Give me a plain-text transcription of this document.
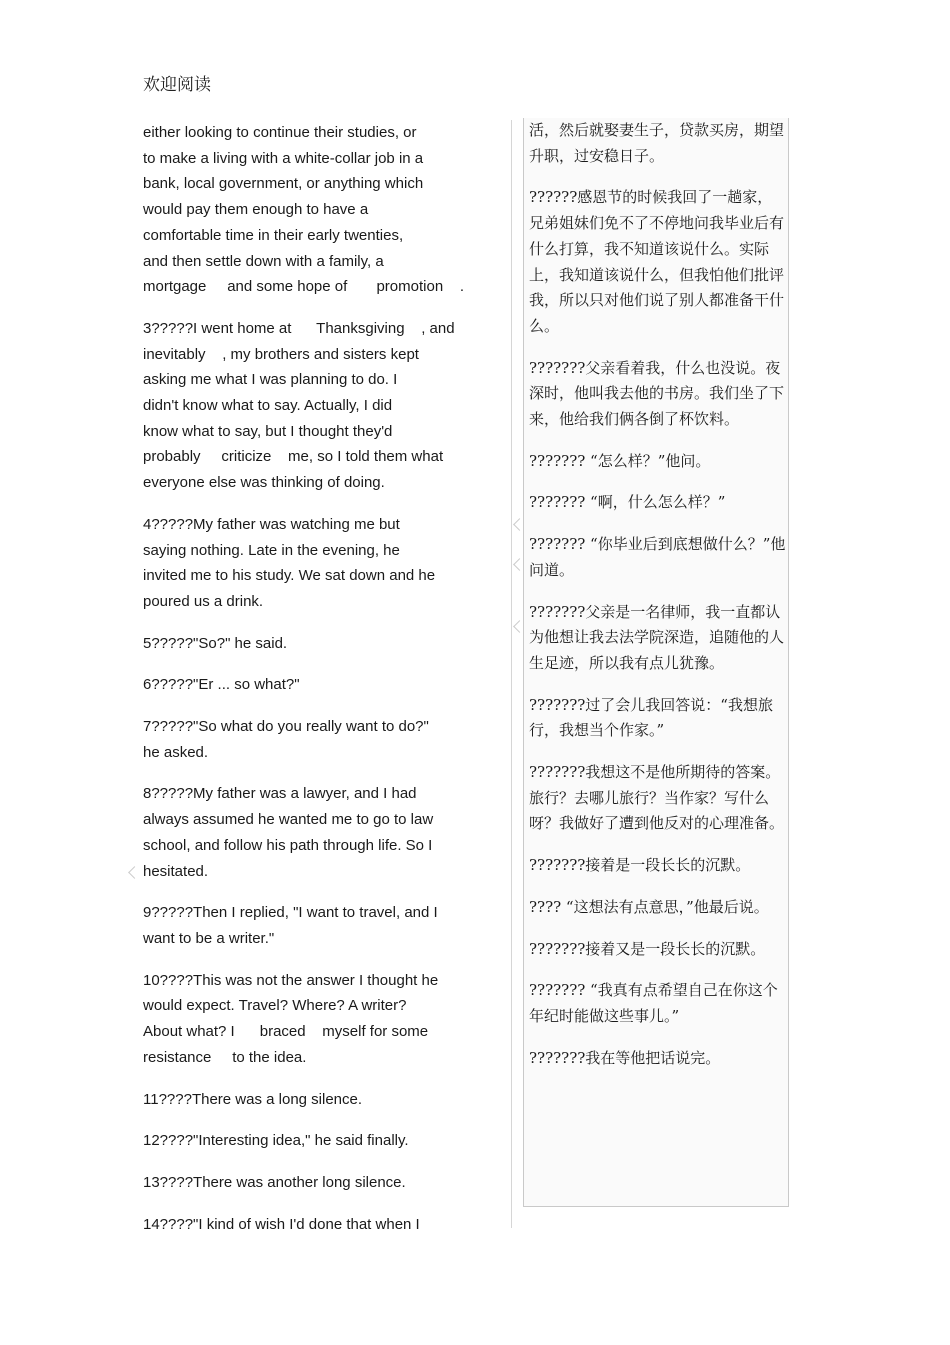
欢迎阅读

either looking to continue their studies, or
to make a living with a white-collar job in a
bank, local government, or anything which
would pay them enough to have a
comfortable time in their early twenties,
and then settle down with a family, a
mortgage     and some hope of       promotion    .

3?????I went home at      Thanksgiving    , and
inevitably    , my brothers and sisters kept
asking me what I was planning to do. I
didn't know what to say. Actually, I did
know what to say, but I thought they'd
probably     criticize    me, so I told them what
everyone else was thinking of doing.

4?????My father was watching me but
saying nothing. Late in the evening, he
invited me to his study. We sat down and he
poured us a drink.

5?????"So?" he said.

6?????"Er ... so what?"

7?????"So what do you really want to do?"
he asked.

8?????My father was a lawyer, and I had
always assumed he wanted me to go to law
school, and follow his path through life. So I
hesitated.

9?????Then I replied, "I want to travel, and I
want to be a writer."

10????This was not the answer I thought he
would expect. Travel? Where? A writer?
About what? I      braced    myself for some
resistance     to the idea.

11????There was a long silence.

12????"Interesting idea," he said finally.

13????There was another long silence.

14????"I kind of wish I'd done that when I

活，然后就娶妻生子，贷款买房，期望升职，过安稳日子。

??????感恩节的时候我回了一趟家，兄弟姐妹们免不了不停地问我毕业后有什么打算，我不知道该说什么。实际上，我知道该说什么，但我怕他们批评我，所以只对他们说了别人都准备干什么。

???????父亲看着我，什么也没说。夜深时，他叫我去他的书房。我们坐了下来，他给我们俩各倒了杯饮料。

??????? “怎么样？”他问。

??????? “啊，什么怎么样？”

??????? “你毕业后到底想做什么？”他问道。

???????父亲是一名律师，我一直都认为他想让我去法学院深造，追随他的人生足迹，所以我有点儿犹豫。

???????过了会儿我回答说：“我想旅行，我想当个作家。”

???????我想这不是他所期待的答案。旅行？去哪儿旅行？当作家？写什么呀？我做好了遭到他反对的心理准备。

???????接着是一段长长的沉默。

???? “这想法有点意思，”他最后说。

???????接着又是一段长长的沉默。

??????? “我真有点希望自己在你这个年纪时能做这些事儿。”

???????我在等他把话说完。
